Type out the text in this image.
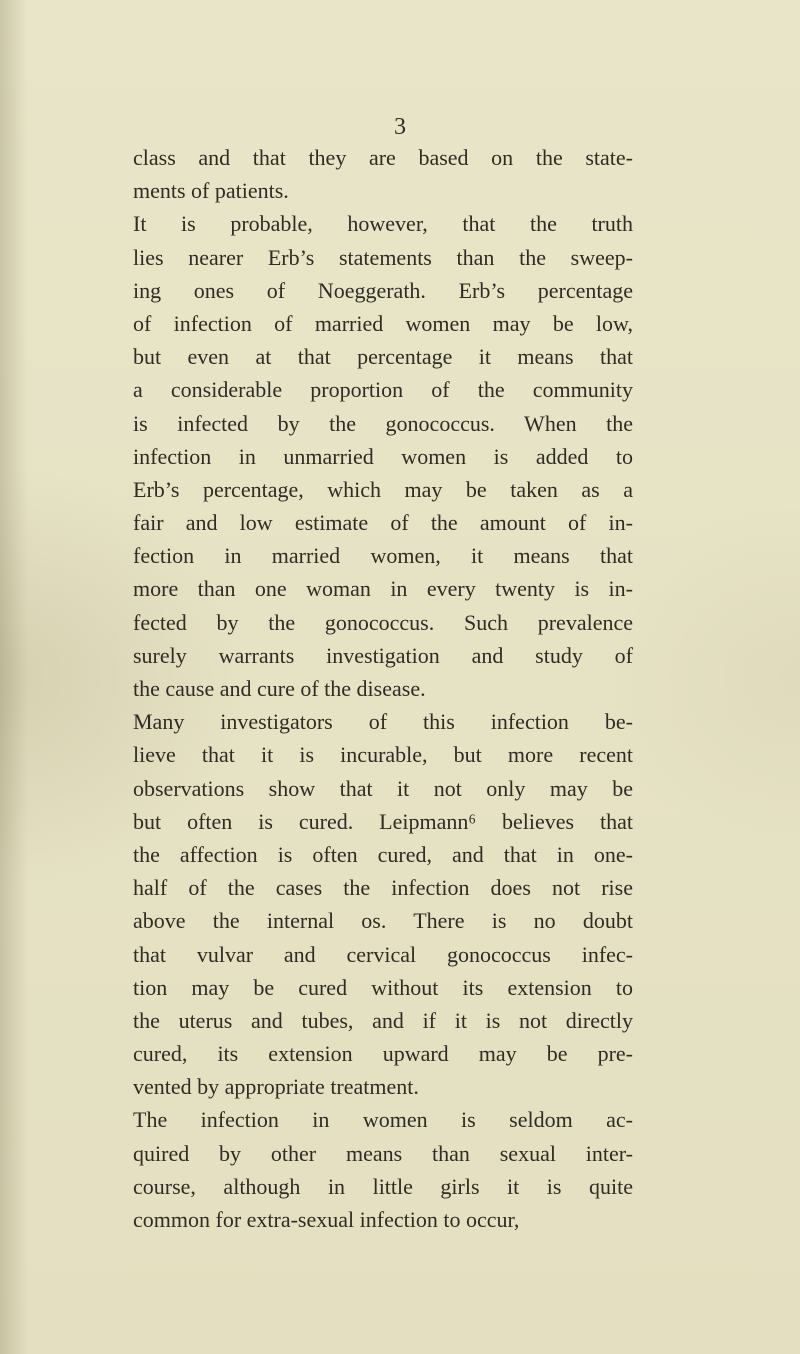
3
class and that they are based on the state-
ments of patients.
It is probable, however, that the truth
lies nearer Erb’s statements than the sweep-
ing ones of Noeggerath. Erb’s percentage
of infection of married women may be low,
but even at that percentage it means that
a considerable proportion of the community
is infected by the gonococcus. When the
infection in unmarried women is added to
Erb’s percentage, which may be taken as a
fair and low estimate of the amount of in-
fection in married women, it means that
more than one woman in every twenty is in-
fected by the gonococcus. Such prevalence
surely warrants investigation and study of
the cause and cure of the disease.
Many investigators of this infection be-
lieve that it is incurable, but more recent
observations show that it not only may be
but often is cured. Leipmann⁶ believes that
the affection is often cured, and that in one-
half of the cases the infection does not rise
above the internal os. There is no doubt
that vulvar and cervical gonococcus infec-
tion may be cured without its extension to
the uterus and tubes, and if it is not directly
cured, its extension upward may be pre-
vented by appropriate treatment.
The infection in women is seldom ac-
quired by other means than sexual inter-
course, although in little girls it is quite
common for extra-sexual infection to occur,
